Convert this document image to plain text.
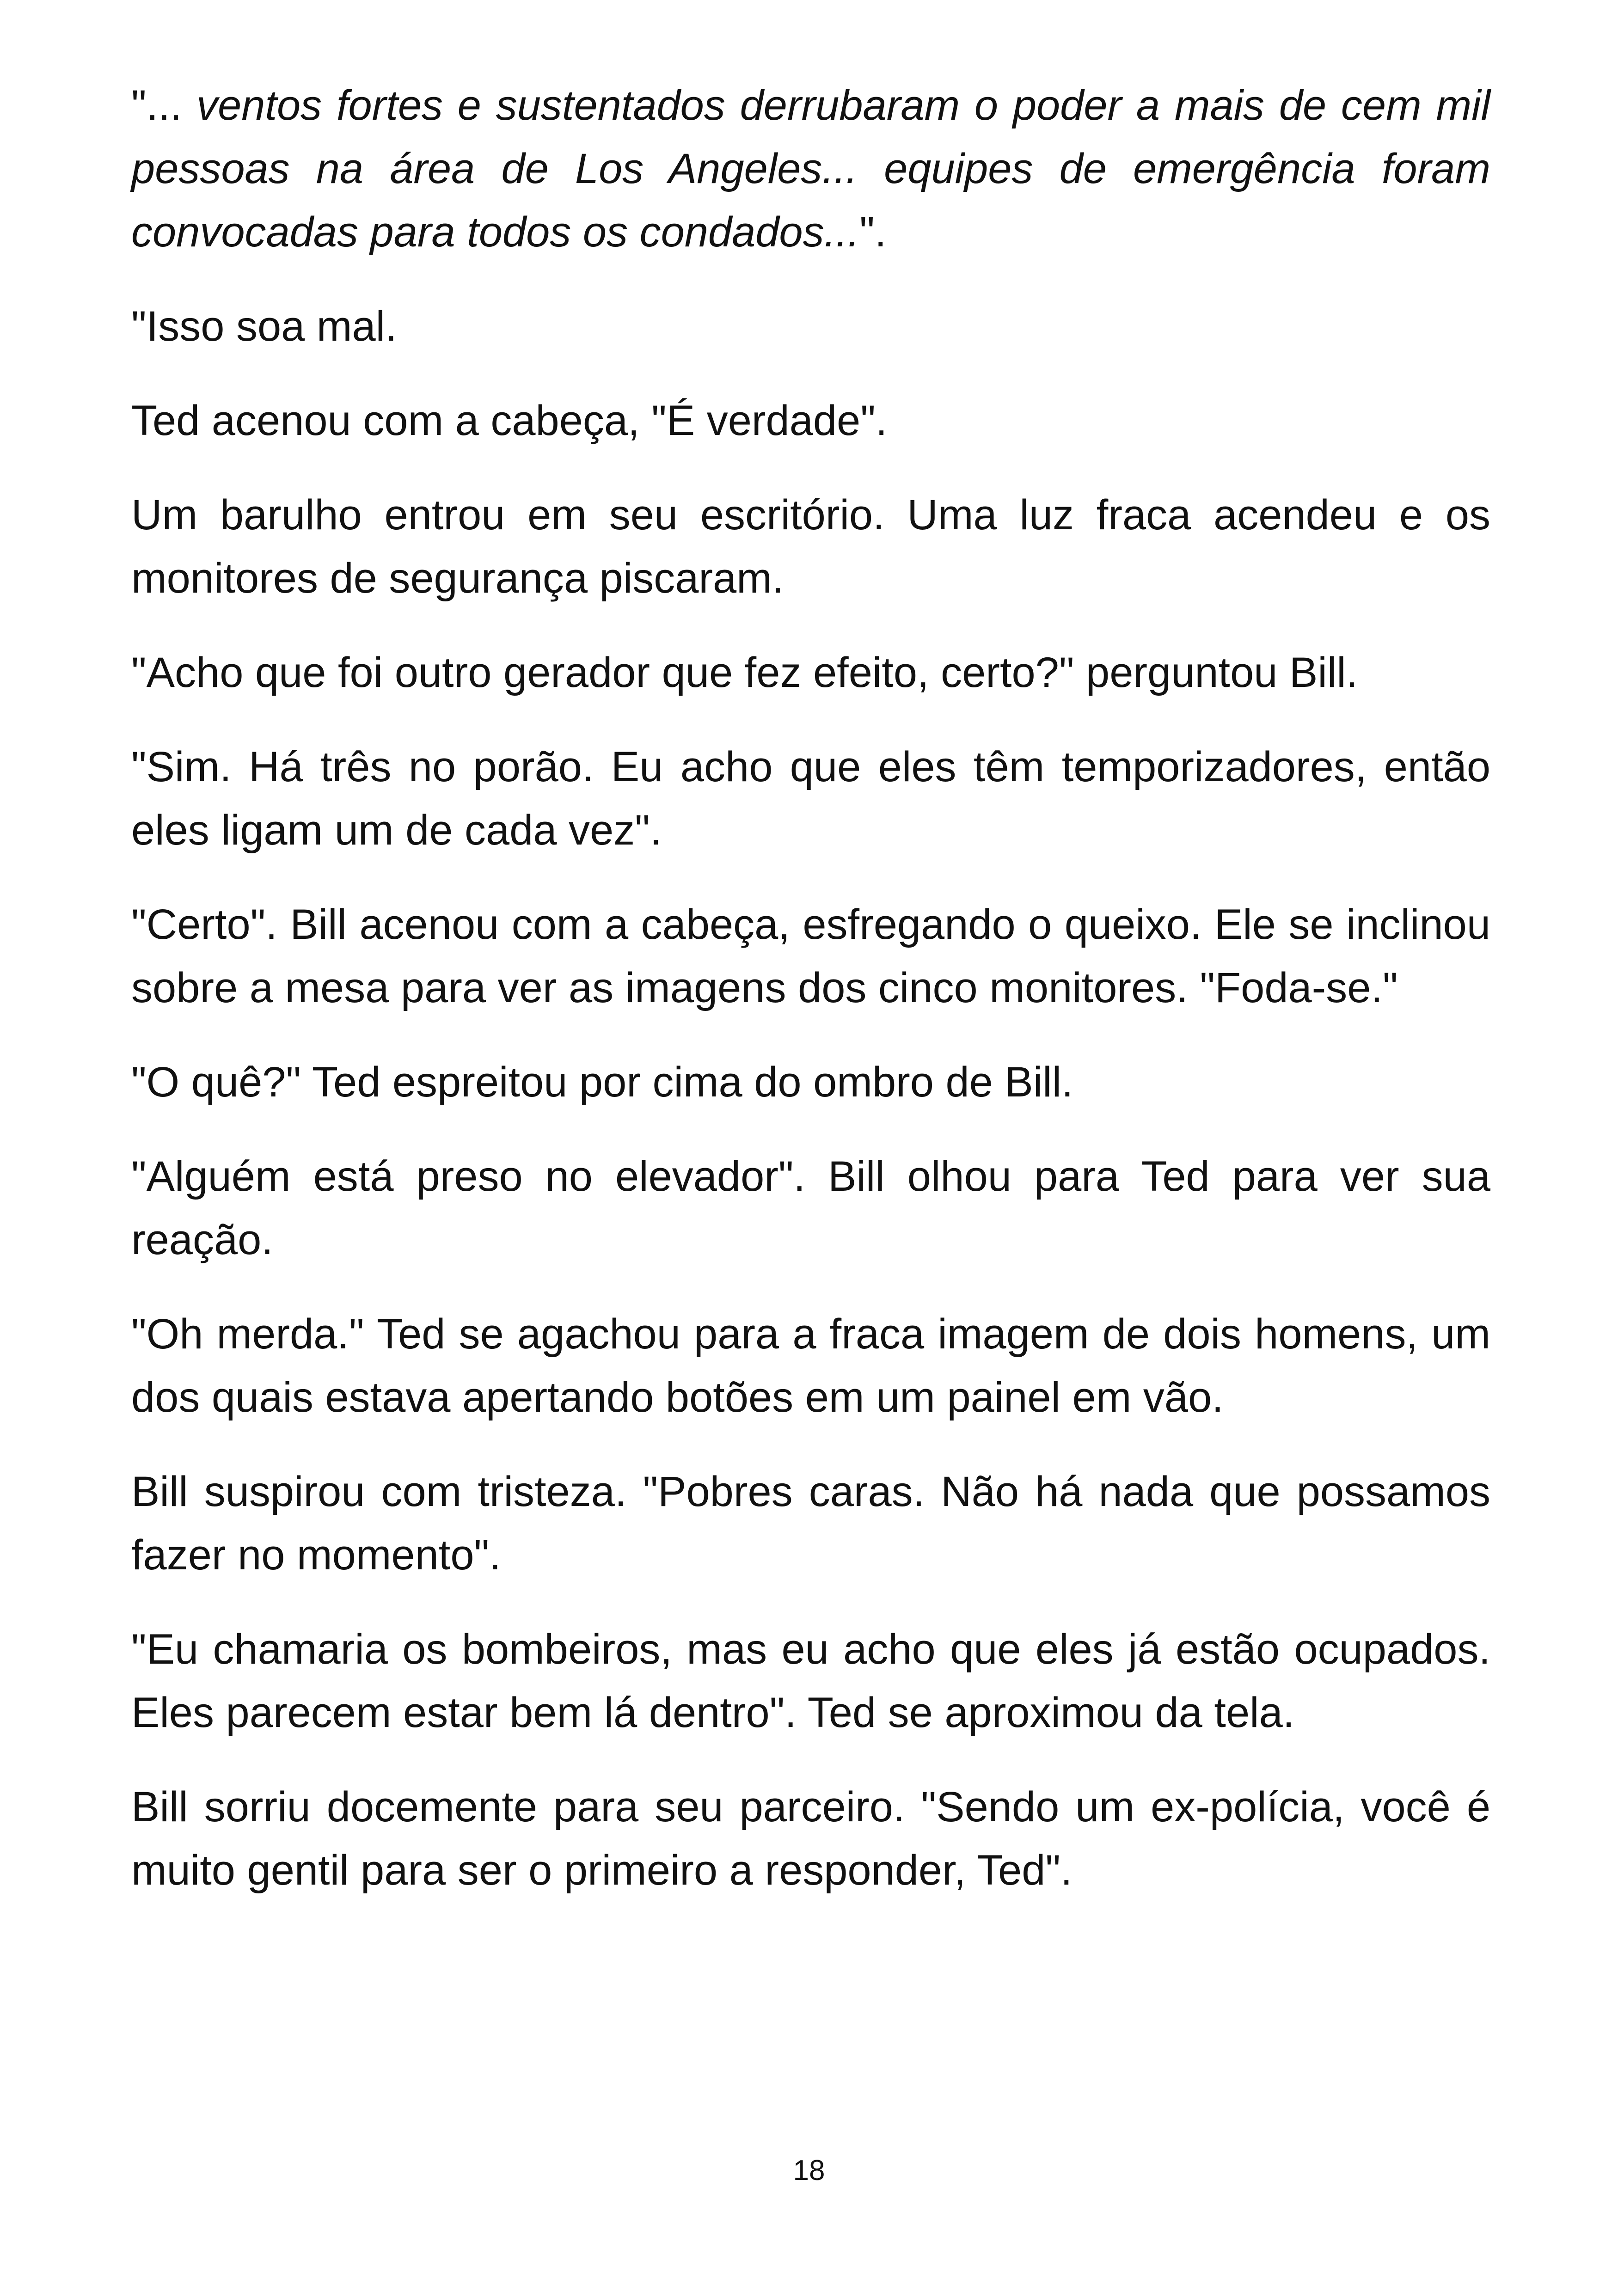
"... ventos fortes e sustentados derrubaram o poder a mais de cem mil pessoas na área de Los Angeles... equipes de emergência foram convocadas para todos os condados...".

"Isso soa mal.

Ted acenou com a cabeça, "É verdade".

Um barulho entrou em seu escritório. Uma luz fraca acendeu e os monitores de segurança piscaram.

"Acho que foi outro gerador que fez efeito, certo?" perguntou Bill.

"Sim. Há três no porão. Eu acho que eles têm temporizadores, então eles ligam um de cada vez".

"Certo". Bill acenou com a cabeça, esfregando o queixo. Ele se inclinou sobre a mesa para ver as imagens dos cinco monitores. "Foda-se."

"O quê?" Ted espreitou por cima do ombro de Bill.

"Alguém está preso no elevador". Bill olhou para Ted para ver sua reação.

"Oh merda." Ted se agachou para a fraca imagem de dois homens, um dos quais estava apertando botões em um painel em vão.

Bill suspirou com tristeza. "Pobres caras. Não há nada que possamos fazer no momento".

"Eu chamaria os bombeiros, mas eu acho que eles já estão ocupados. Eles parecem estar bem lá dentro". Ted se aproximou da tela.

Bill sorriu docemente para seu parceiro. "Sendo um ex-polícia, você é muito gentil para ser o primeiro a responder, Ted".

18
